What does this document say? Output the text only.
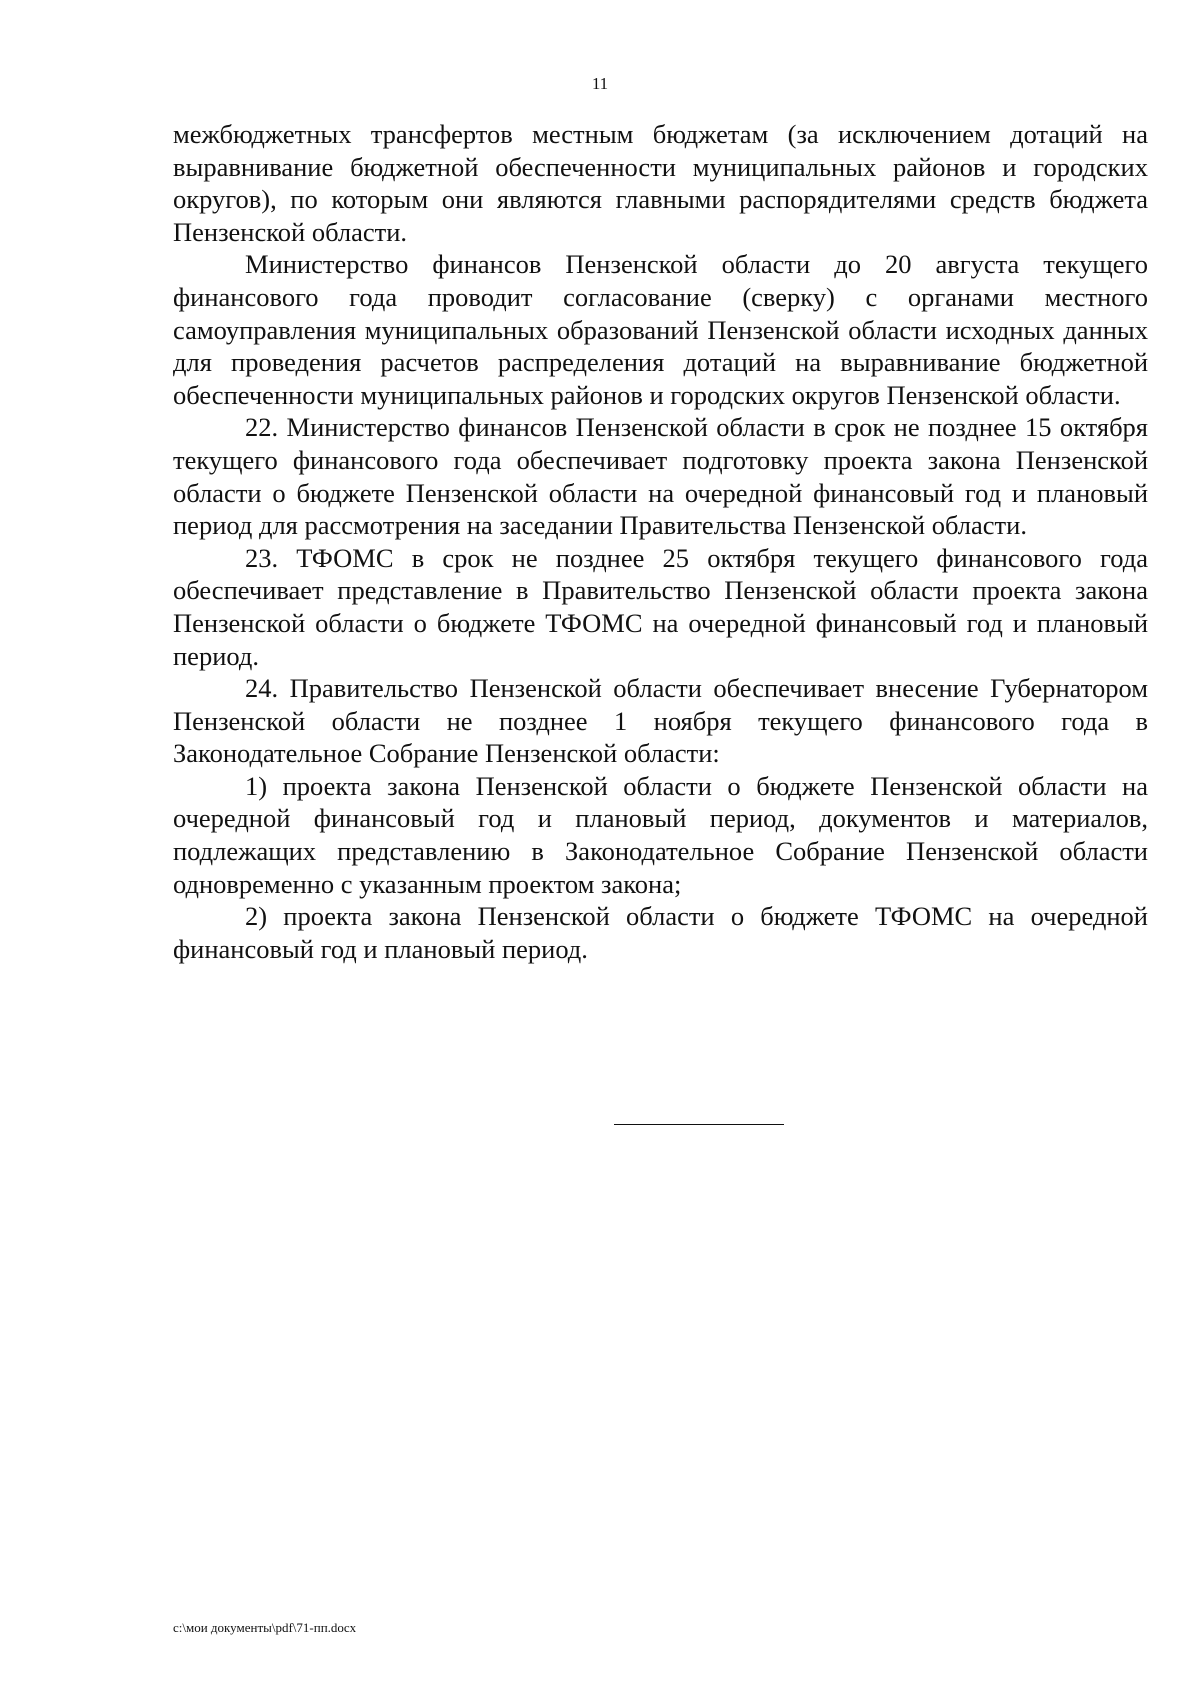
11

межбюджетных трансфертов местным бюджетам (за исключением дотаций на выравнивание бюджетной обеспеченности муниципальных районов и городских округов), по которым они являются главными распорядителями средств бюджета Пензенской области.

Министерство финансов Пензенской области до 20 августа текущего финансового года проводит согласование (сверку) с органами местного самоуправления муниципальных образований Пензенской области исходных данных для проведения расчетов распределения дотаций на выравнивание бюджетной обеспеченности муниципальных районов и городских округов Пензенской области.

22. Министерство финансов Пензенской области в срок не позднее 15 октября текущего финансового года обеспечивает подготовку проекта закона Пензенской области о бюджете Пензенской области на очередной финансовый год и плановый период для рассмотрения на заседании Правительства Пензенской области.

23. ТФОМС в срок не позднее 25 октября текущего финансового года обеспечивает представление в Правительство Пензенской области проекта закона Пензенской области о бюджете ТФОМС на очередной финансовый год и плановый период.

24. Правительство Пензенской области обеспечивает внесение Губернатором Пензенской области не позднее 1 ноября текущего финансового года в Законодательное Собрание Пензенской области:

1) проекта закона Пензенской области о бюджете Пензенской области на очередной финансовый год и плановый период, документов и материалов, подлежащих представлению в Законодательное Собрание Пензенской области одновременно с указанным проектом закона;

2) проекта закона Пензенской области о бюджете ТФОМС на очередной финансовый год и плановый период.

c:\мои документы\pdf\71-пп.docx
